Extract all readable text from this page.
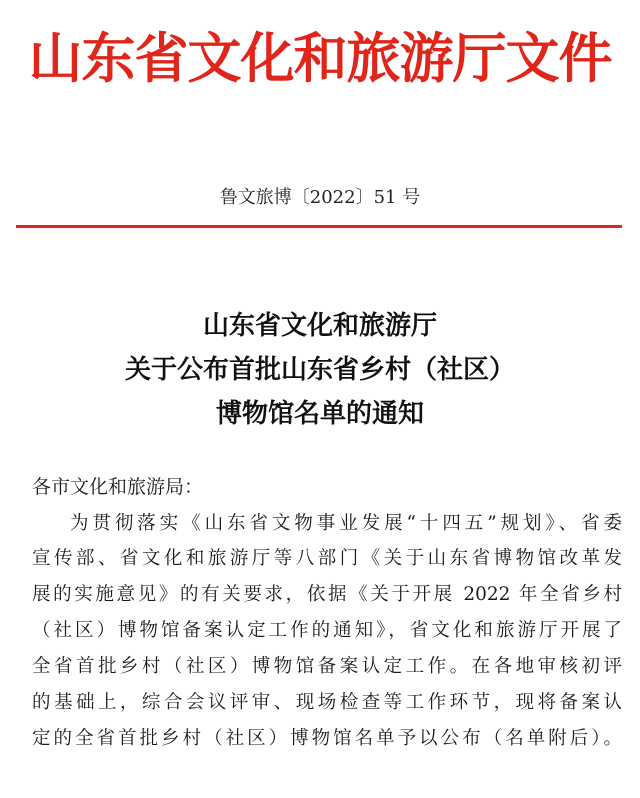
山东省文化和旅游厅文件
鲁文旅博〔2022〕51 号
山东省文化和旅游厅
关于公布首批山东省乡村（社区）
博物馆名单的通知
各市文化和旅游局：
为贯彻落实《山东省文物事业发展“十四五”规划》、省委
宣传部、省文化和旅游厅等八部门《关于山东省博物馆改革发
展的实施意见》的有关要求，依据《关于开展 2022 年全省乡村
（社区）博物馆备案认定工作的通知》，省文化和旅游厅开展了
全省首批乡村（社区）博物馆备案认定工作。在各地审核初评
的基础上，综合会议评审、现场检查等工作环节，现将备案认
定的全省首批乡村（社区）博物馆名单予以公布（名单附后）。
